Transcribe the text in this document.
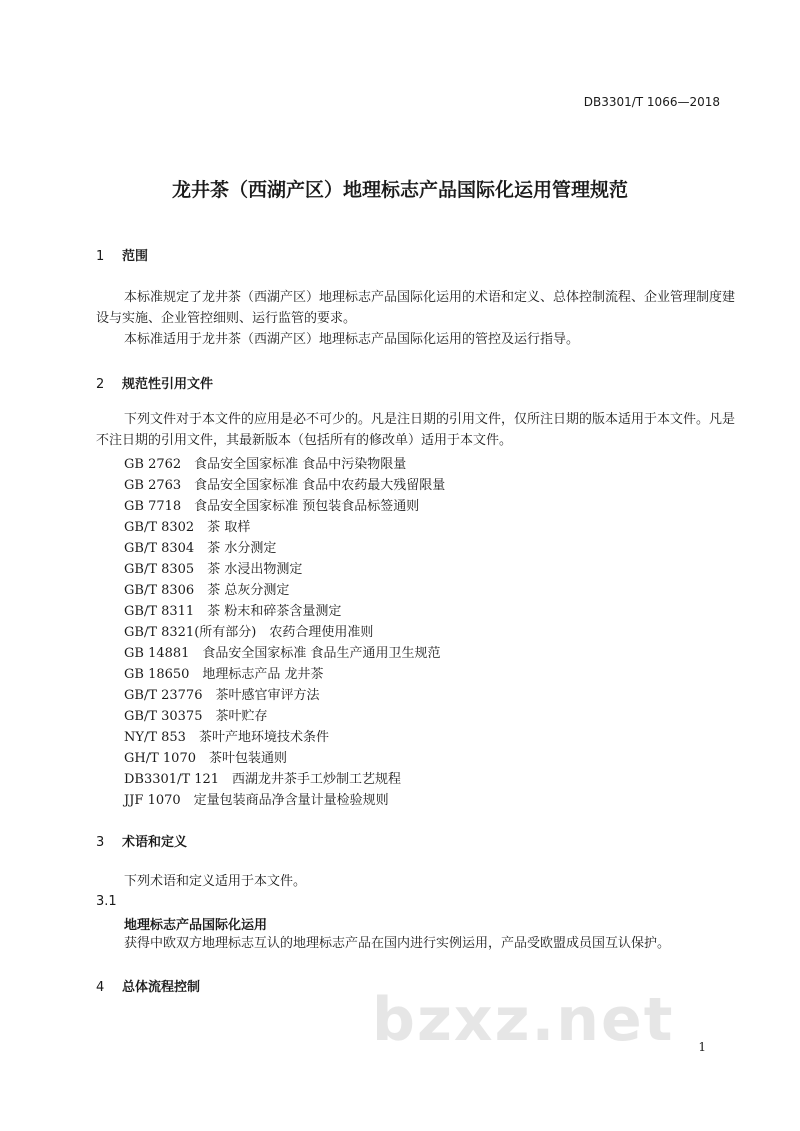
DB3301/T 1066—2018
龙井茶（西湖产区）地理标志产品国际化运用管理规范
1 范围
本标准规定了龙井茶（西湖产区）地理标志产品国际化运用的术语和定义、总体控制流程、企业管理制度建设与实施、企业管控细则、运行监管的要求。
本标准适用于龙井茶（西湖产区）地理标志产品国际化运用的管控及运行指导。
2 规范性引用文件
下列文件对于本文件的应用是必不可少的。凡是注日期的引用文件，仅所注日期的版本适用于本文件。凡是不注日期的引用文件，其最新版本（包括所有的修改单）适用于本文件。
GB 2762　食品安全国家标准 食品中污染物限量
GB 2763　食品安全国家标准 食品中农药最大残留限量
GB 7718　食品安全国家标准 预包装食品标签通则
GB/T 8302　茶 取样
GB/T 8304　茶 水分测定
GB/T 8305　茶 水浸出物测定
GB/T 8306　茶 总灰分测定
GB/T 8311　茶 粉末和碎茶含量测定
GB/T 8321(所有部分)　农药合理使用准则
GB 14881　食品安全国家标准 食品生产通用卫生规范
GB 18650　地理标志产品 龙井茶
GB/T 23776　茶叶感官审评方法
GB/T 30375　茶叶贮存
NY/T 853　茶叶产地环境技术条件
GH/T 1070　茶叶包装通则
DB3301/T 121　西湖龙井茶手工炒制工艺规程
JJF 1070　定量包装商品净含量计量检验规则
3 术语和定义
下列术语和定义适用于本文件。
3.1
地理标志产品国际化运用
获得中欧双方地理标志互认的地理标志产品在国内进行实例运用，产品受欧盟成员国互认保护。
4 总体流程控制	bzxz.net 1
